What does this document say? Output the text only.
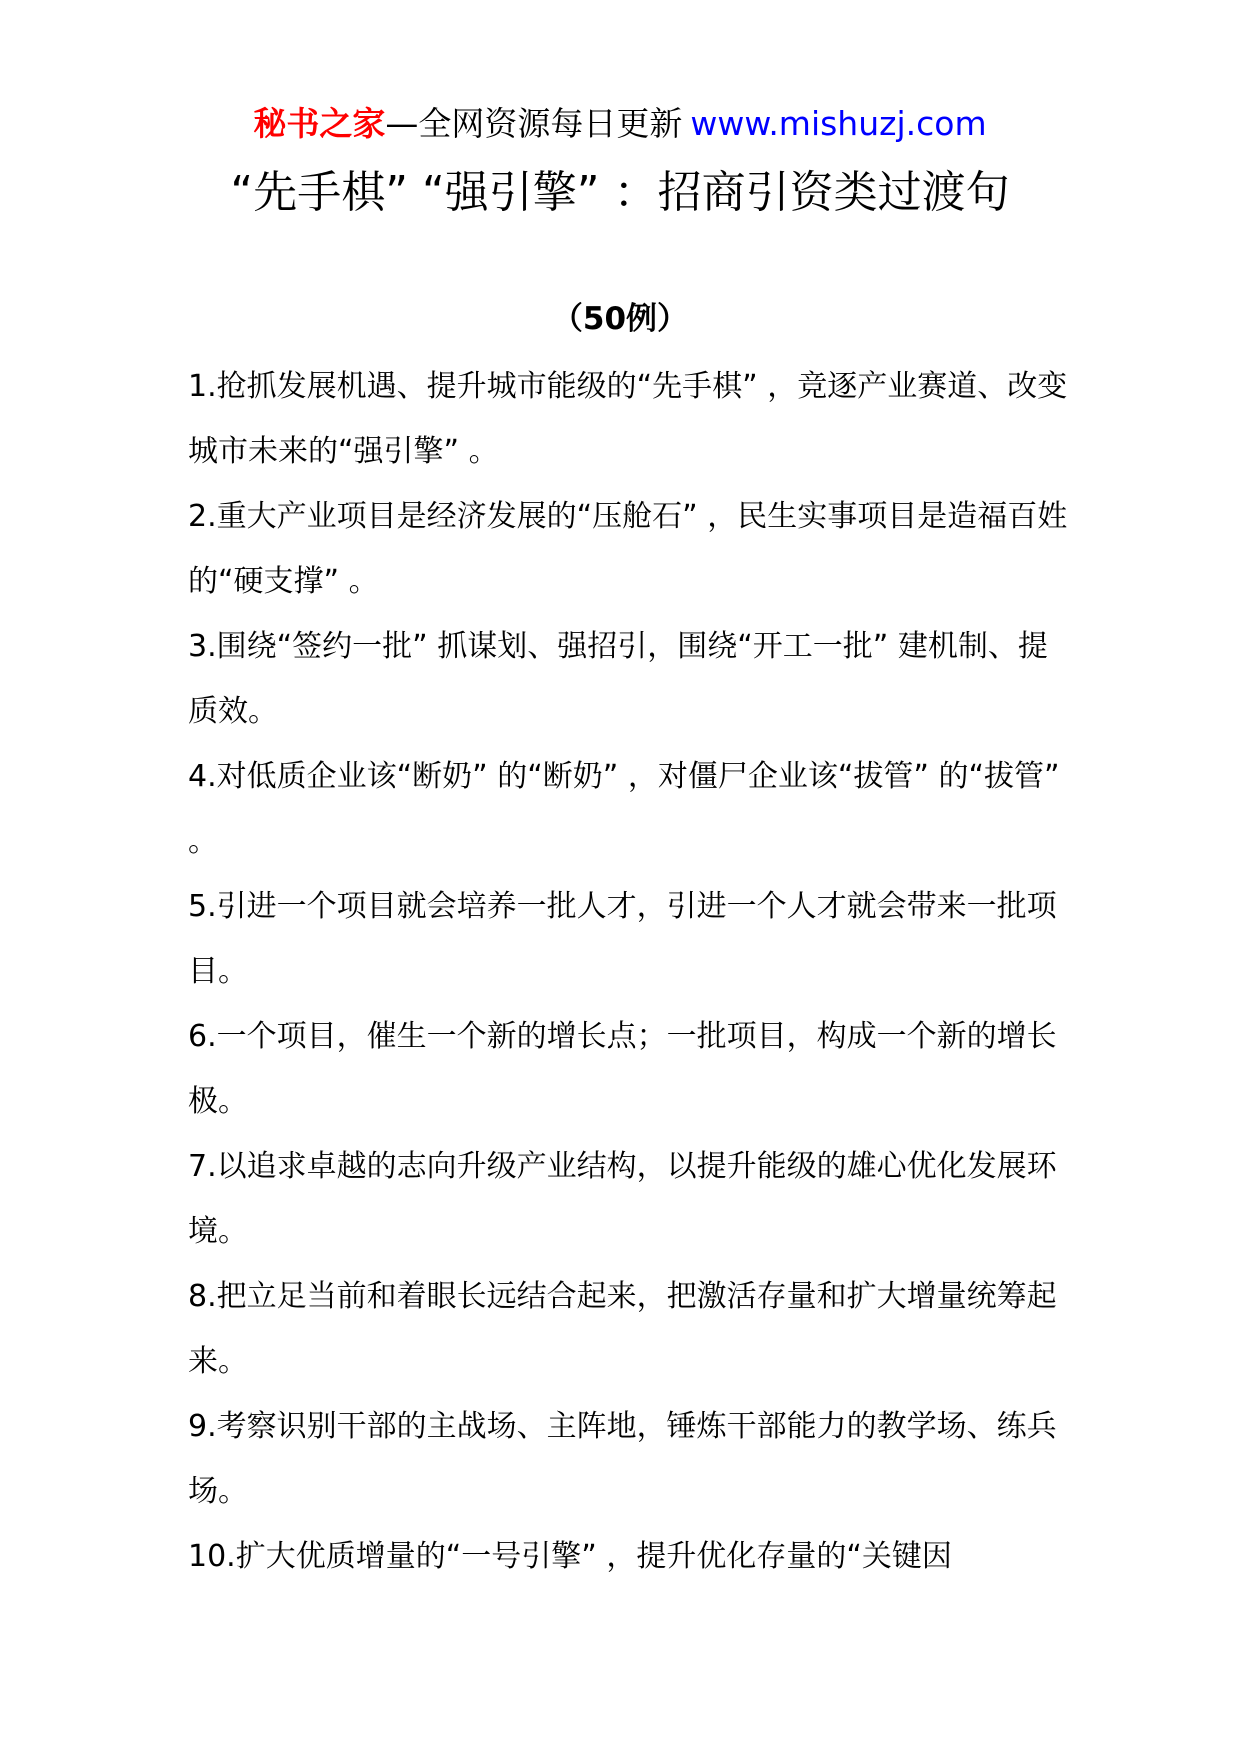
秘书之家—全网资源每日更新 www.mishuzj.com
“先手棋” “强引擎” ：招商引资类过渡句
（50例）
1.抢抓发展机遇、提升城市能级的“先手棋” ，竞逐产业赛道、改变城市未来的“强引擎” 。
2.重大产业项目是经济发展的“压舱石” ，民生实事项目是造福百姓的“硬支撑” 。
3.围绕“签约一批” 抓谋划、强招引，围绕“开工一批” 建机制、提质效。
4.对低质企业该“断奶” 的“断奶” ，对僵尸企业该“拔管” 的“拔管” 。
5.引进一个项目就会培养一批人才，引进一个人才就会带来一批项目。
6.一个项目，催生一个新的增长点；一批项目，构成一个新的增长极。
7.以追求卓越的志向升级产业结构，以提升能级的雄心优化发展环境。
8.把立足当前和着眼长远结合起来，把激活存量和扩大增量统筹起来。
9.考察识别干部的主战场、主阵地，锤炼干部能力的教学场、练兵场。
10.扩大优质增量的“一号引擎” ，提升优化存量的“关键因
